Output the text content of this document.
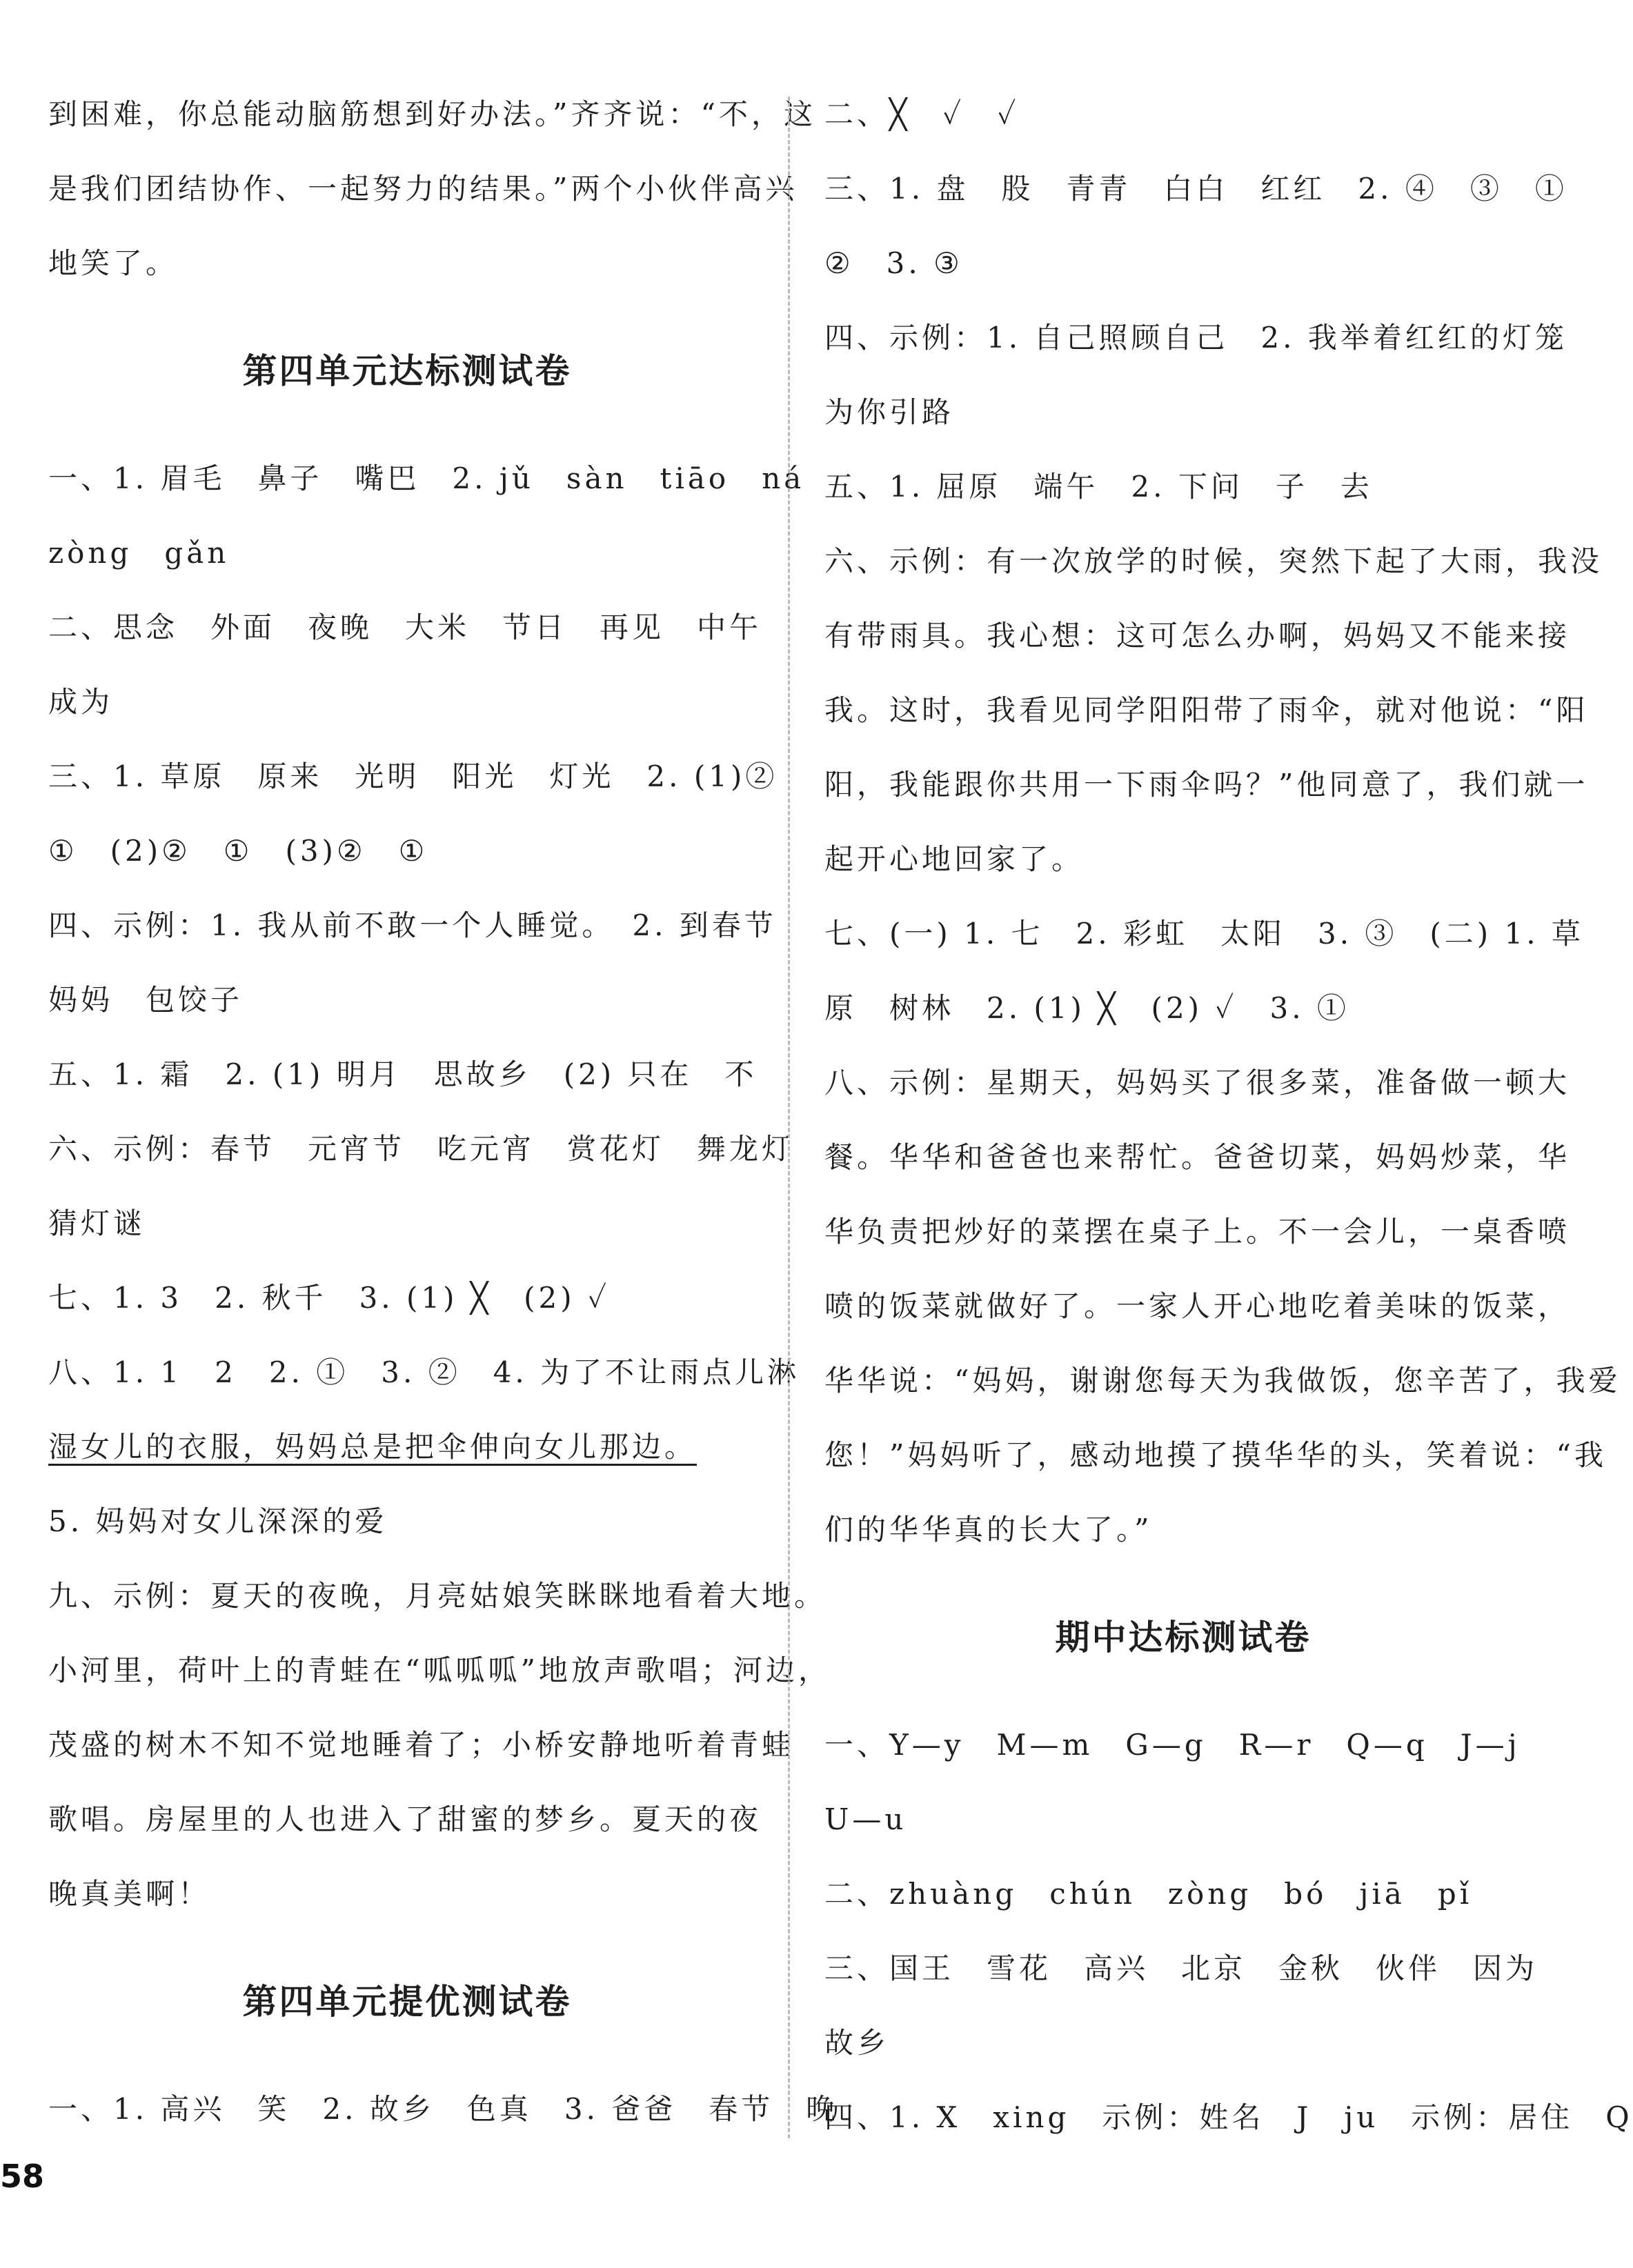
到困难，你总能动脑筋想到好办法。”齐齐说：“不，这
是我们团结协作、一起努力的结果。”两个小伙伴高兴
地笑了。
第四单元达标测试卷
一、1. 眉毛　鼻子　嘴巴　2. jǔ　sàn　tiāo　ná
zòng　gǎn
二、思念　外面　夜晚　大米　节日　再见　中午
成为
三、1. 草原　原来　光明　阳光　灯光　2. (1)②
①　(2)②　①　(3)②　①
四、示例：1. 我从前不敢一个人睡觉。　2. 到春节
妈妈　包饺子
五、1. 霜　2. (1) 明月　思故乡　(2) 只在　不
六、示例：春节　元宵节　吃元宵　赏花灯　舞龙灯
猜灯谜
七、1. 3　2. 秋千　3. (1) ╳　(2) ✓
八、1. 1　2　2. ①　3. ②　4. 为了不让雨点儿淋
湿女儿的衣服，妈妈总是把伞伸向女儿那边。
5. 妈妈对女儿深深的爱
九、示例：夏天的夜晚，月亮姑娘笑眯眯地看着大地。
小河里，荷叶上的青蛙在“呱呱呱”地放声歌唱；河边，
茂盛的树木不知不觉地睡着了；小桥安静地听着青蛙
歌唱。房屋里的人也进入了甜蜜的梦乡。夏天的夜
晚真美啊！
第四单元提优测试卷
一、1. 高兴　笑　2. 故乡　色真　3. 爸爸　春节　晚
二、╳　✓　✓
三、1. 盘　股　青青　白白　红红　2. ④　③　①
②　3. ③
四、示例：1. 自己照顾自己　2. 我举着红红的灯笼
为你引路
五、1. 屈原　端午　2. 下问　子　去
六、示例：有一次放学的时候，突然下起了大雨，我没
有带雨具。我心想：这可怎么办啊，妈妈又不能来接
我。这时，我看见同学阳阳带了雨伞，就对他说：“阳
阳，我能跟你共用一下雨伞吗？”他同意了，我们就一
起开心地回家了。
七、(一) 1. 七　2. 彩虹　太阳　3. ③　(二) 1. 草
原　树林　2. (1) ╳　(2) ✓　3. ①
八、示例：星期天，妈妈买了很多菜，准备做一顿大
餐。华华和爸爸也来帮忙。爸爸切菜，妈妈炒菜，华
华负责把炒好的菜摆在桌子上。不一会儿，一桌香喷
喷的饭菜就做好了。一家人开心地吃着美味的饭菜，
华华说：“妈妈，谢谢您每天为我做饭，您辛苦了，我爱
您！”妈妈听了，感动地摸了摸华华的头，笑着说：“我
们的华华真的长大了。”
期中达标测试卷
一、Y—y　M—m　G—g　R—r　Q—q　J—j
U—u
二、zhuàng　chún　zòng　bó　jiā　pǐ
三、国王　雪花　高兴　北京　金秋　伙伴　因为
故乡
四、1. X　xing　示例：姓名　J　ju　示例：居住　Q
58
